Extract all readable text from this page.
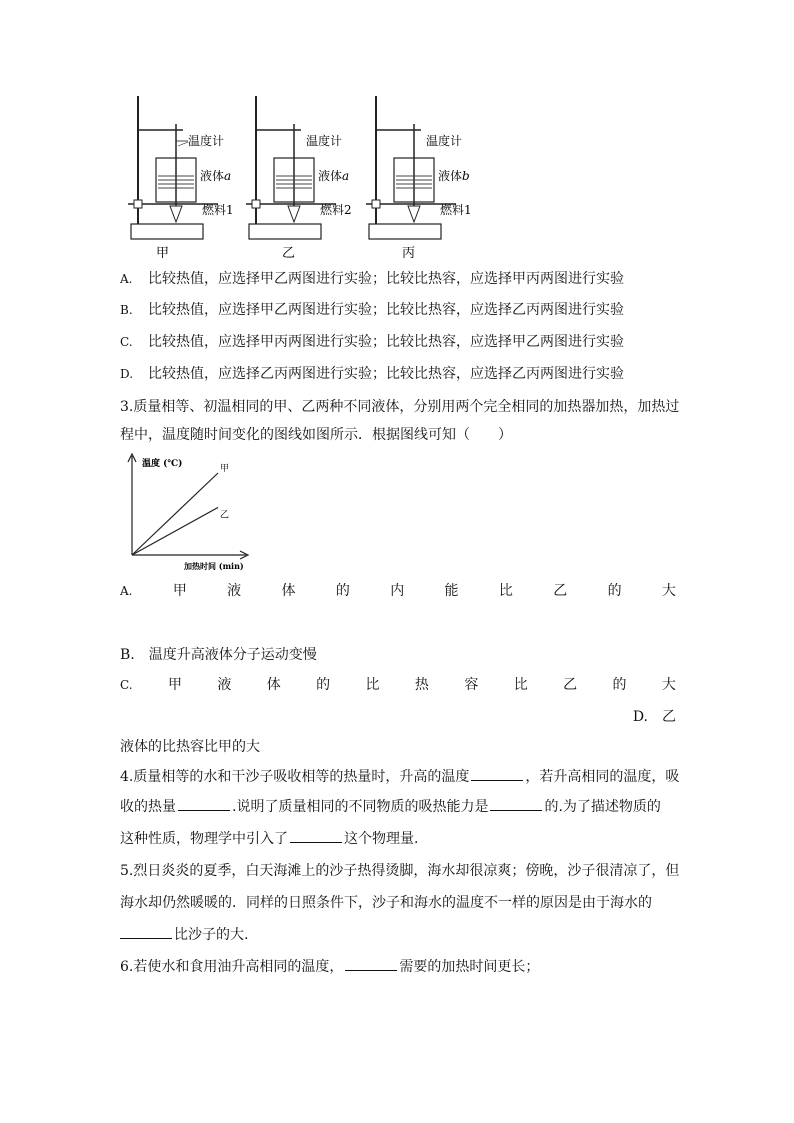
甲
温度计
液体a
燃料1
乙
温度计
液体a
燃料2
丙
温度计
液体b
燃料1
A. 比较热值，应选择甲乙两图进行实验；比较比热容，应选择甲丙两图进行实验
B. 比较热值，应选择甲乙两图进行实验；比较比热容，应选择乙丙两图进行实验
C. 比较热值，应选择甲丙两图进行实验；比较比热容，应选择甲乙两图进行实验
D. 比较热值，应选择乙丙两图进行实验；比较比热容，应选择乙丙两图进行实验
3.质量相等、初温相同的甲、乙两种不同液体，分别用两个完全相同的加热器加热，加热过
程中，温度随时间变化的图线如图所示．根据图线可知（　　）
温度 (℃)
加热时间 (min)
甲
乙
A.	甲	液	体	的	内	能	比	乙	的	大
B.　温度升高液体分子运动变慢
C.	甲	液	体	的	比	热	容	比	乙	的	大
D.　乙
液体的比热容比甲的大
4.质量相等的水和干沙子吸收相等的热量时，升高的温度	，若升高相同的温度，吸
收的热量	.说明了质量相同的不同物质的吸热能力是	的.为了描述物质的
这种性质，物理学中引入了	这个物理量.
5.烈日炎炎的夏季，白天海滩上的沙子热得烫脚，海水却很凉爽；傍晚，沙子很清凉了，但
海水却仍然暖暖的．同样的日照条件下，沙子和海水的温度不一样的原因是由于海水的
比沙子的大.
6.若使水和食用油升高相同的温度，	需要的加热时间更长；
